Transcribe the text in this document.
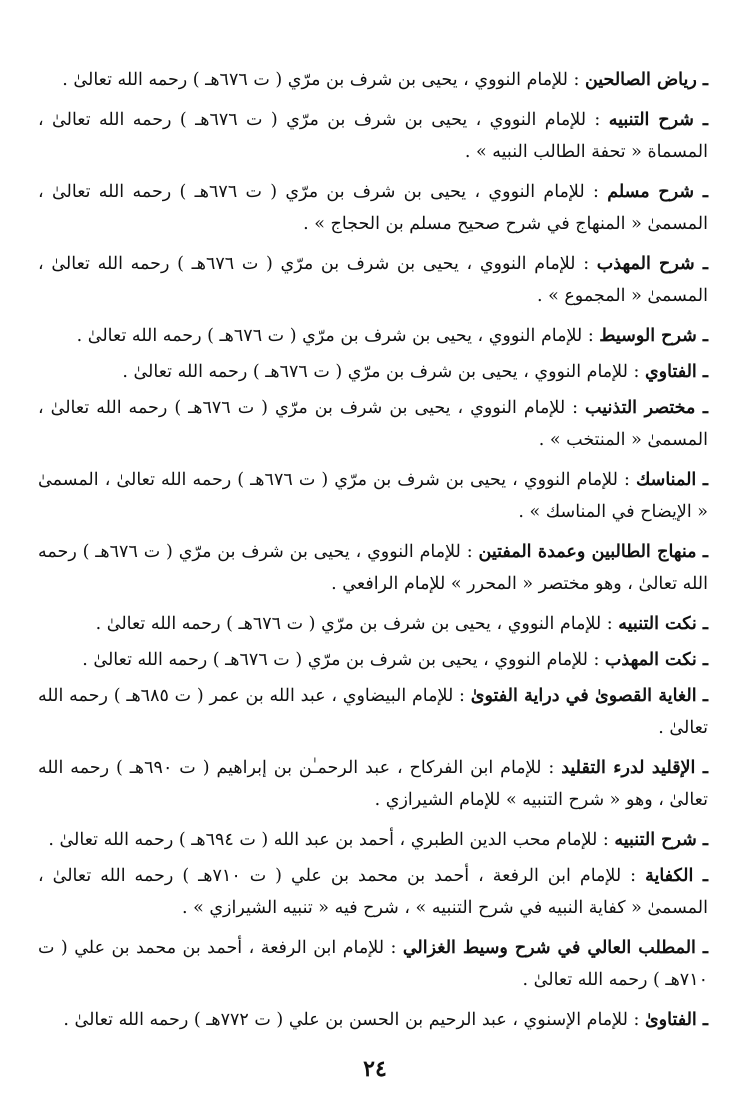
ـ رياض الصالحين : للإمام النووي ، يحيى بن شرف بن مرّي ( ت ٦٧٦هـ ) رحمه الله تعالىٰ .

ـ شرح التنبيه : للإمام النووي ، يحيى بن شرف بن مرّي ( ت ٦٧٦هـ ) رحمه الله تعالىٰ ، المسماة « تحفة الطالب النبيه » .

ـ شرح مسلم : للإمام النووي ، يحيى بن شرف بن مرّي ( ت ٦٧٦هـ ) رحمه الله تعالىٰ ، المسمىٰ « المنهاج في شرح صحيح مسلم بن الحجاج » .

ـ شرح المهذب : للإمام النووي ، يحيى بن شرف بن مرّي ( ت ٦٧٦هـ ) رحمه الله تعالىٰ ، المسمىٰ « المجموع » .

ـ شرح الوسيط : للإمام النووي ، يحيى بن شرف بن مرّي ( ت ٦٧٦هـ ) رحمه الله تعالىٰ .

ـ الفتاوي : للإمام النووي ، يحيى بن شرف بن مرّي ( ت ٦٧٦هـ ) رحمه الله تعالىٰ .

ـ مختصر التذنيب : للإمام النووي ، يحيى بن شرف بن مرّي ( ت ٦٧٦هـ ) رحمه الله تعالىٰ ، المسمىٰ « المنتخب » .

ـ المناسك : للإمام النووي ، يحيى بن شرف بن مرّي ( ت ٦٧٦هـ ) رحمه الله تعالىٰ ، المسمىٰ « الإيضاح في المناسك » .

ـ منهاج الطالبين وعمدة المفتين : للإمام النووي ، يحيى بن شرف بن مرّي ( ت ٦٧٦هـ ) رحمه الله تعالىٰ ، وهو مختصر « المحرر » للإمام الرافعي .

ـ نكت التنبيه : للإمام النووي ، يحيى بن شرف بن مرّي ( ت ٦٧٦هـ ) رحمه الله تعالىٰ .

ـ نكت المهذب : للإمام النووي ، يحيى بن شرف بن مرّي ( ت ٦٧٦هـ ) رحمه الله تعالىٰ .

ـ الغاية القصوىٰ في دراية الفتوىٰ : للإمام البيضاوي ، عبد الله بن عمر ( ت ٦٨٥هـ ) رحمه الله تعالىٰ .

ـ الإقليد لدرء التقليد : للإمام ابن الفركاح ، عبد الرحمـٰن بن إبراهيم ( ت ٦٩٠هـ ) رحمه الله تعالىٰ ، وهو « شرح التنبيه » للإمام الشيرازي .

ـ شرح التنبيه : للإمام محب الدين الطبري ، أحمد بن عبد الله ( ت ٦٩٤هـ ) رحمه الله تعالىٰ .

ـ الكفاية : للإمام ابن الرفعة ، أحمد بن محمد بن علي ( ت ٧١٠هـ ) رحمه الله تعالىٰ ، المسمىٰ « كفاية النبيه في شرح التنبيه » ، شرح فيه « تنبيه الشيرازي » .

ـ المطلب العالي في شرح وسيط الغزالي : للإمام ابن الرفعة ، أحمد بن محمد بن علي ( ت ٧١٠هـ ) رحمه الله تعالىٰ .

ـ الفتاوىٰ : للإمام الإسنوي ، عبد الرحيم بن الحسن بن علي ( ت ٧٧٢هـ ) رحمه الله تعالىٰ .

٢٤
